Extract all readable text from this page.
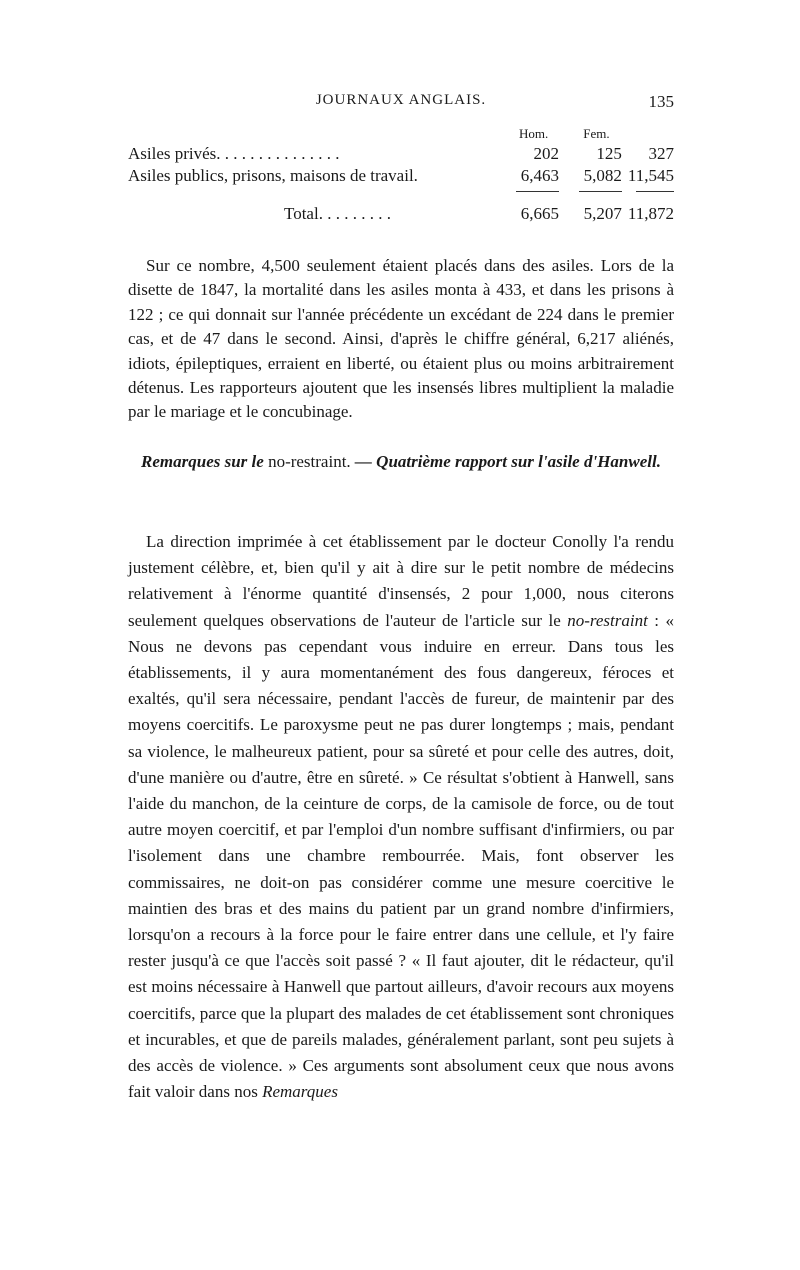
JOURNAUX ANGLAIS.	135
	Hom.	Fem.	
Asiles privés. . . . . . . . . . . . . . .	202	125	327
Asiles publics, prisons, maisons de travail.	6,463	5,082	11,545

Total. . . . . . . . .	6,665	5,207	11,872

Sur ce nombre, 4,500 seulement étaient placés dans des asiles. Lors de la disette de 1847, la mortalité dans les asiles monta à 433, et dans les prisons à 122 ; ce qui donnait sur l'année précédente un excédant de 224 dans le premier cas, et de 47 dans le second. Ainsi, d'après le chiffre général, 6,217 aliénés, idiots, épileptiques, erraient en liberté, ou étaient plus ou moins arbitrairement détenus. Les rapporteurs ajoutent que les insensés libres multiplient la maladie par le mariage et le concubinage.

Remarques sur le no-restraint. — Quatrième rapport sur l'asile d'Hanwell.

La direction imprimée à cet établissement par le docteur Conolly l'a rendu justement célèbre, et, bien qu'il y ait à dire sur le petit nombre de médecins relativement à l'énorme quantité d'insensés, 2 pour 1,000, nous citerons seulement quelques observations de l'auteur de l'article sur le no-restraint : « Nous ne devons pas cependant vous induire en erreur. Dans tous les établissements, il y aura momentanément des fous dangereux, féroces et exaltés, qu'il sera nécessaire, pendant l'accès de fureur, de maintenir par des moyens coercitifs. Le paroxysme peut ne pas durer longtemps ; mais, pendant sa violence, le malheureux patient, pour sa sûreté et pour celle des autres, doit, d'une manière ou d'autre, être en sûreté. » Ce résultat s'obtient à Hanwell, sans l'aide du manchon, de la ceinture de corps, de la camisole de force, ou de tout autre moyen coercitif, et par l'emploi d'un nombre suffisant d'infirmiers, ou par l'isolement dans une chambre rembourrée. Mais, font observer les commissaires, ne doit-on pas considérer comme une mesure coercitive le maintien des bras et des mains du patient par un grand nombre d'infirmiers, lorsqu'on a recours à la force pour le faire entrer dans une cellule, et l'y faire rester jusqu'à ce que l'accès soit passé ? « Il faut ajouter, dit le rédacteur, qu'il est moins nécessaire à Hanwell que partout ailleurs, d'avoir recours aux moyens coercitifs, parce que la plupart des malades de cet établissement sont chroniques et incurables, et que de pareils malades, généralement parlant, sont peu sujets à des accès de violence. » Ces arguments sont absolument ceux que nous avons fait valoir dans nos Remarques
